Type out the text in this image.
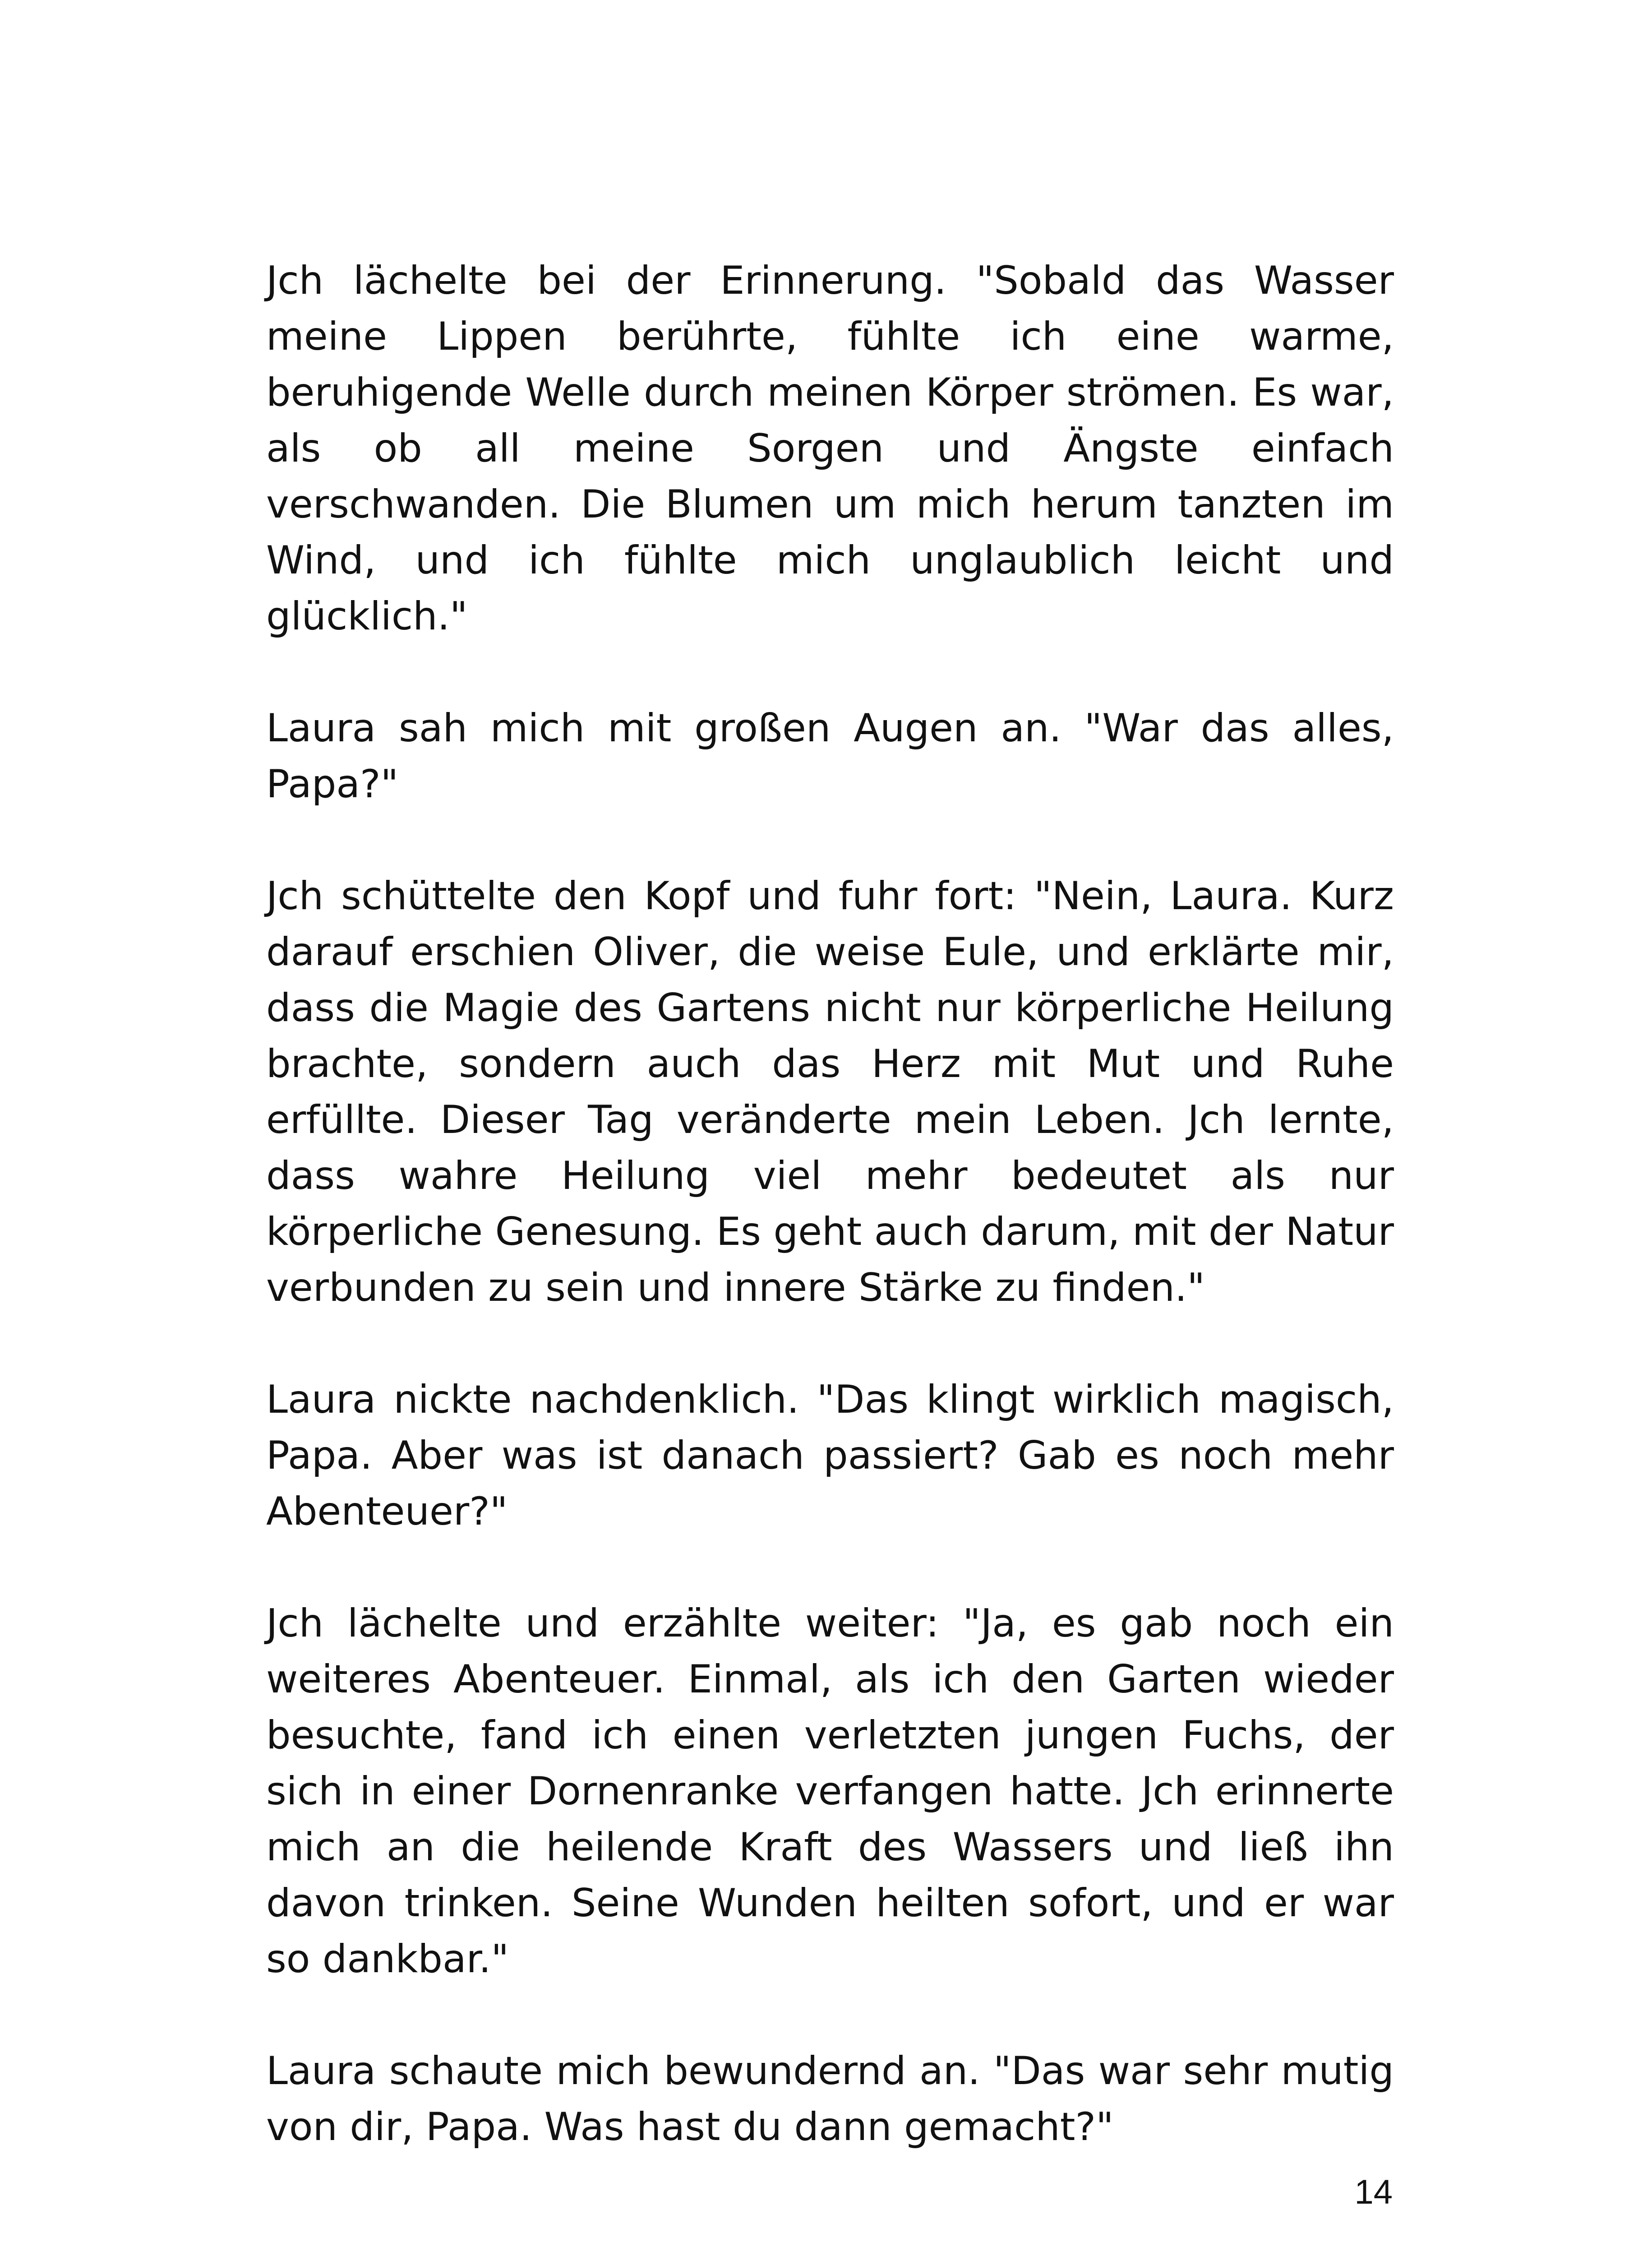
Jch lächelte bei der Erinnerung. "Sobald das Wasser meine Lippen berührte, fühlte ich eine warme, beruhigende Welle durch meinen Körper strömen. Es war, als ob all meine Sorgen und Ängste einfach verschwanden. Die Blumen um mich herum tanzten im Wind, und ich fühlte mich unglaublich leicht und glücklich."

Laura sah mich mit großen Augen an. "War das alles, Papa?"

Jch schüttelte den Kopf und fuhr fort: "Nein, Laura. Kurz darauf erschien Oliver, die weise Eule, und erklärte mir, dass die Magie des Gartens nicht nur körperliche Heilung brachte, sondern auch das Herz mit Mut und Ruhe erfüllte. Dieser Tag veränderte mein Leben. Jch lernte, dass wahre Heilung viel mehr bedeutet als nur körperliche Genesung. Es geht auch darum, mit der Natur verbunden zu sein und innere Stärke zu finden."

Laura nickte nachdenklich. "Das klingt wirklich magisch, Papa. Aber was ist danach passiert? Gab es noch mehr Abenteuer?"

Jch lächelte und erzählte weiter: "Ja, es gab noch ein weiteres Abenteuer. Einmal, als ich den Garten wieder besuchte, fand ich einen verletzten jungen Fuchs, der sich in einer Dornenranke verfangen hatte. Jch erinnerte mich an die heilende Kraft des Wassers und ließ ihn davon trinken. Seine Wunden heilten sofort, und er war so dankbar."

Laura schaute mich bewundernd an. "Das war sehr mutig von dir, Papa. Was hast du dann gemacht?"

14
